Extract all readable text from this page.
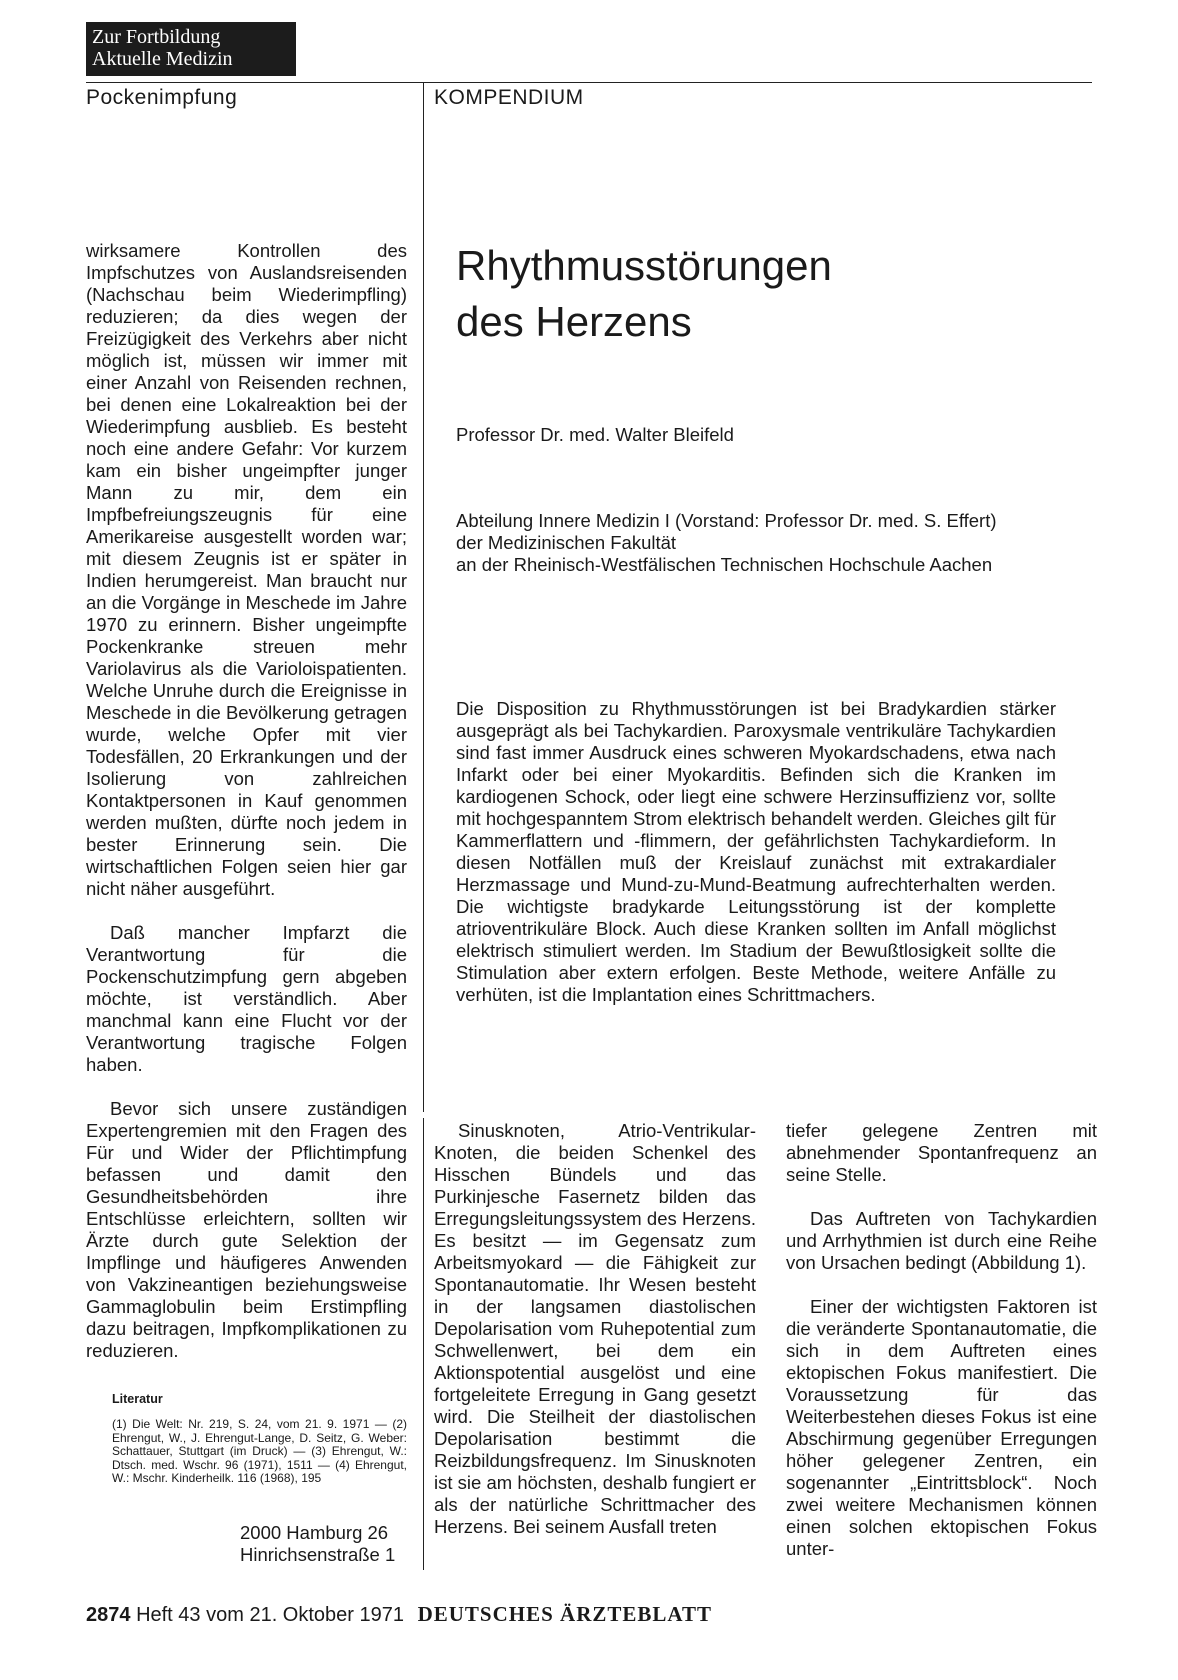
Zur Fortbildung
Aktuelle Medizin
Pockenimpfung	KOMPENDIUM

wirksamere Kontrollen des Impfschutzes von Auslandsreisenden (Nachschau beim Wiederimpfling) reduzieren; da dies wegen der Freizügigkeit des Verkehrs aber nicht möglich ist, müssen wir immer mit einer Anzahl von Reisenden rechnen, bei denen eine Lokalreaktion bei der Wiederimpfung ausblieb. Es besteht noch eine andere Gefahr: Vor kurzem kam ein bisher ungeimpfter junger Mann zu mir, dem ein Impfbefreiungszeugnis für eine Amerikareise ausgestellt worden war; mit diesem Zeugnis ist er später in Indien herumgereist. Man braucht nur an die Vorgänge in Meschede im Jahre 1970 zu erinnern. Bisher ungeimpfte Pockenkranke streuen mehr Variolavirus als die Varioloispatienten. Welche Unruhe durch die Ereignisse in Meschede in die Bevölkerung getragen wurde, welche Opfer mit vier Todesfällen, 20 Erkrankungen und der Isolierung von zahlreichen Kontaktpersonen in Kauf genommen werden mußten, dürfte noch jedem in bester Erinnerung sein. Die wirtschaftlichen Folgen seien hier gar nicht näher ausgeführt.

Daß mancher Impfarzt die Verantwortung für die Pockenschutzimpfung gern abgeben möchte, ist verständlich. Aber manchmal kann eine Flucht vor der Verantwortung tragische Folgen haben.

Bevor sich unsere zuständigen Expertengremien mit den Fragen des Für und Wider der Pflichtimpfung befassen und damit den Gesundheitsbehörden ihre Entschlüsse erleichtern, sollten wir Ärzte durch gute Selektion der Impflinge und häufigeres Anwenden von Vakzineantigen beziehungsweise Gammaglobulin beim Erstimpfling dazu beitragen, Impfkomplikationen zu reduzieren.

Literatur
(1) Die Welt: Nr. 219, S. 24, vom 21. 9. 1971 — (2) Ehrengut, W., J. Ehrengut-Lange, D. Seitz, G. Weber: Schattauer, Stuttgart (im Druck) — (3) Ehrengut, W.: Dtsch. med. Wschr. 96 (1971), 1511 — (4) Ehrengut, W.: Mschr. Kinderheilk. 116 (1968), 195
2000 Hamburg 26
Hinrichsenstraße 1
Rhythmusstörungen
des Herzens
Professor Dr. med. Walter Bleifeld
Abteilung Innere Medizin I (Vorstand: Professor Dr. med. S. Effert)
der Medizinischen Fakultät
an der Rheinisch-Westfälischen Technischen Hochschule Aachen

Die Disposition zu Rhythmusstörungen ist bei Bradykardien stärker ausgeprägt als bei Tachykardien. Paroxysmale ventrikuläre Tachykardien sind fast immer Ausdruck eines schweren Myokardschadens, etwa nach Infarkt oder bei einer Myokarditis. Befinden sich die Kranken im kardiogenen Schock, oder liegt eine schwere Herzinsuffizienz vor, sollte mit hochgespanntem Strom elektrisch behandelt werden. Gleiches gilt für Kammerflattern und -flimmern, der gefährlichsten Tachykardieform. In diesen Notfällen muß der Kreislauf zunächst mit extrakardialer Herzmassage und Mund-zu-Mund-Beatmung aufrechterhalten werden. Die wichtigste bradykarde Leitungsstörung ist der komplette atrioventrikuläre Block. Auch diese Kranken sollten im Anfall möglichst elektrisch stimuliert werden. Im Stadium der Bewußtlosigkeit sollte die Stimulation aber extern erfolgen. Beste Methode, weitere Anfälle zu verhüten, ist die Implantation eines Schrittmachers.

Sinusknoten, Atrio-Ventrikular-Knoten, die beiden Schenkel des Hisschen Bündels und das Purkinjesche Fasernetz bilden das Erregungsleitungssystem des Herzens. Es besitzt — im Gegensatz zum Arbeitsmyokard — die Fähigkeit zur Spontanautomatie. Ihr Wesen besteht in der langsamen diastolischen Depolarisation vom Ruhepotential zum Schwellenwert, bei dem ein Aktionspotential ausgelöst und eine fortgeleitete Erregung in Gang gesetzt wird. Die Steilheit der diastolischen Depolarisation bestimmt die Reizbildungsfrequenz. Im Sinusknoten ist sie am höchsten, deshalb fungiert er als der natürliche Schrittmacher des Herzens. Bei seinem Ausfall treten

tiefer gelegene Zentren mit abnehmender Spontanfrequenz an seine Stelle.

Das Auftreten von Tachykardien und Arrhythmien ist durch eine Reihe von Ursachen bedingt (Abbildung 1).

Einer der wichtigsten Faktoren ist die veränderte Spontanautomatie, die sich in dem Auftreten eines ektopischen Fokus manifestiert. Die Voraussetzung für das Weiterbestehen dieses Fokus ist eine Abschirmung gegenüber Erregungen höher gelegener Zentren, ein sogenannter „Eintrittsblock“. Noch zwei weitere Mechanismen können einen solchen ektopischen Fokus unter-

2874 Heft 43 vom 21. Oktober 1971 DEUTSCHES ÄRZTEBLATT
